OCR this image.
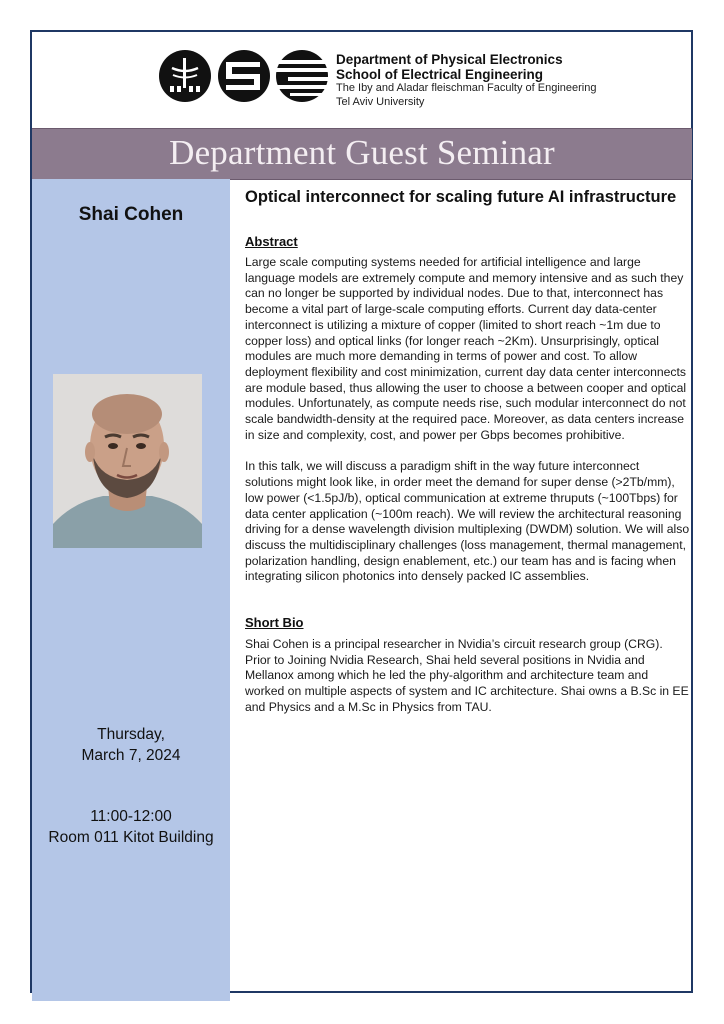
Department of Physical Electronics
School of Electrical Engineering
The Iby and Aladar fleischman Faculty of Engineering
Tel Aviv University
Department Guest Seminar
Shai Cohen
Thursday,
March 7, 2024
11:00-12:00
Room 011 Kitot Building
Optical interconnect for scaling future AI infrastructure
Abstract

Large scale computing systems needed for artificial intelligence and large language models are extremely compute and memory intensive and as such they can no longer be supported by individual nodes. Due to that, interconnect has become a vital part of large-scale computing efforts. Current day data-center interconnect is utilizing a mixture of copper (limited to short reach ~1m due to copper loss) and optical links (for longer reach ~2Km). Unsurprisingly, optical modules are much more demanding in terms of power and cost. To allow deployment flexibility and cost minimization, current day data center interconnects are module based, thus allowing the user to choose a between cooper and optical modules. Unfortunately, as compute needs rise, such modular interconnect do not scale bandwidth-density at the required pace. Moreover, as data centers increase in size and complexity, cost, and power per Gbps becomes prohibitive.

In this talk, we will discuss a paradigm shift in the way future interconnect solutions might look like, in order meet the demand for super dense (>2Tb/mm), low power (<1.5pJ/b), optical communication at extreme thruputs (~100Tbps) for data center application (~100m reach). We will review the architectural reasoning driving for a dense wavelength division multiplexing (DWDM) solution. We will also discuss the multidisciplinary challenges (loss management, thermal management, polarization handling, design enablement, etc.) our team has and is facing when integrating silicon photonics into densely packed IC assemblies.

Short Bio

Shai Cohen is a principal researcher in Nvidia’s circuit research group (CRG). Prior to Joining Nvidia Research, Shai held several positions in Nvidia and Mellanox among which he led the phy-algorithm and architecture team and worked on multiple aspects of system and IC architecture. Shai owns a B.Sc in EE and Physics and a M.Sc in Physics from TAU.
